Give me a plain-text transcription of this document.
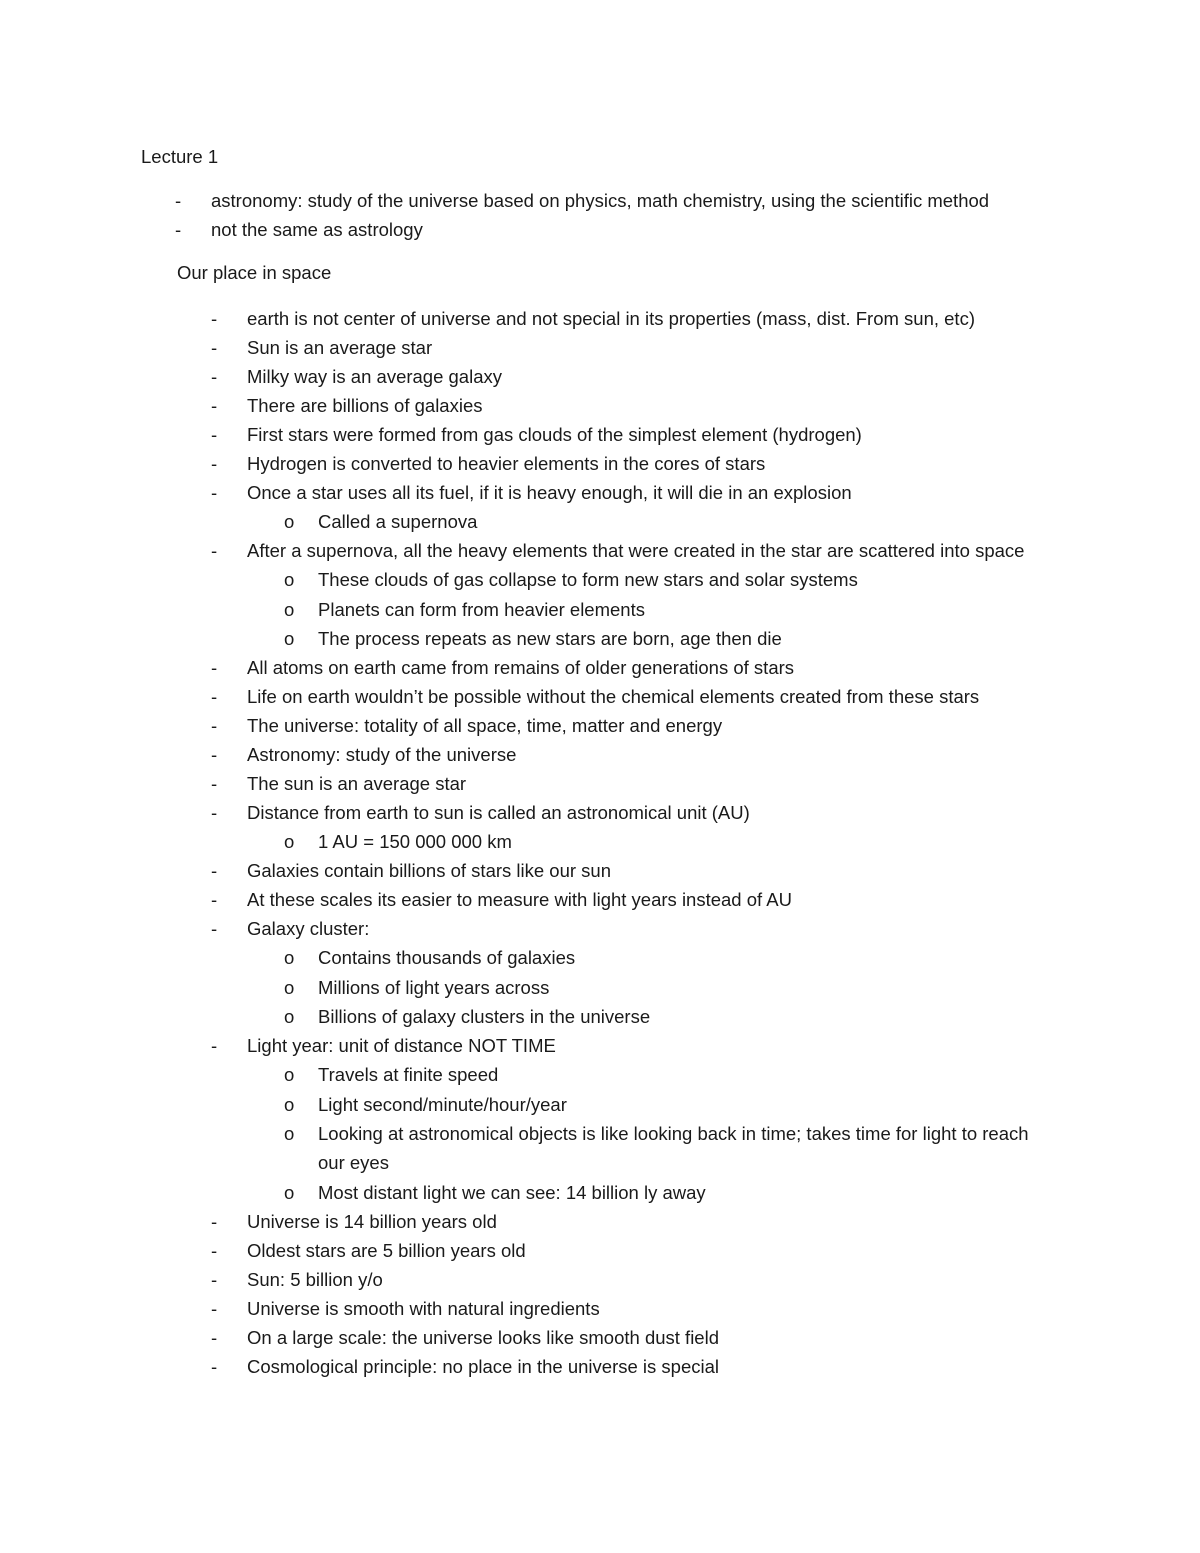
Lecture 1
- astronomy: study of the universe based on physics, math chemistry, using the scientific method
- not the same as astrology
Our place in space
- earth is not center of universe and not special in its properties (mass, dist. From sun, etc)
- Sun is an average star
- Milky way is an average galaxy
- There are billions of galaxies
- First stars were formed from gas clouds of the simplest element (hydrogen)
- Hydrogen is converted to heavier elements in the cores of stars
- Once a star uses all its fuel, if it is heavy enough, it will die in an explosion
o Called a supernova
- After a supernova, all the heavy elements that were created in the star are scattered into space
o These clouds of gas collapse to form new stars and solar systems
o Planets can form from heavier elements
o The process repeats as new stars are born, age then die
- All atoms on earth came from remains of older generations of stars
- Life on earth wouldn’t be possible without the chemical elements created from these stars
- The universe: totality of all space, time, matter and energy
- Astronomy: study of the universe
- The sun is an average star
- Distance from earth to sun is called an astronomical unit (AU)
o 1 AU = 150 000 000 km
- Galaxies contain billions of stars like our sun
- At these scales its easier to measure with light years instead of AU
- Galaxy cluster:
o Contains thousands of galaxies
o Millions of light years across
o Billions of galaxy clusters in the universe
- Light year: unit of distance NOT TIME
o Travels at finite speed
o Light second/minute/hour/year
o Looking at astronomical objects is like looking back in time; takes time for light to reach our eyes
o Most distant light we can see: 14 billion ly away
- Universe is 14 billion years old
- Oldest stars are 5 billion years old
- Sun: 5 billion y/o
- Universe is smooth with natural ingredients
- On a large scale: the universe looks like smooth dust field
- Cosmological principle: no place in the universe is special
